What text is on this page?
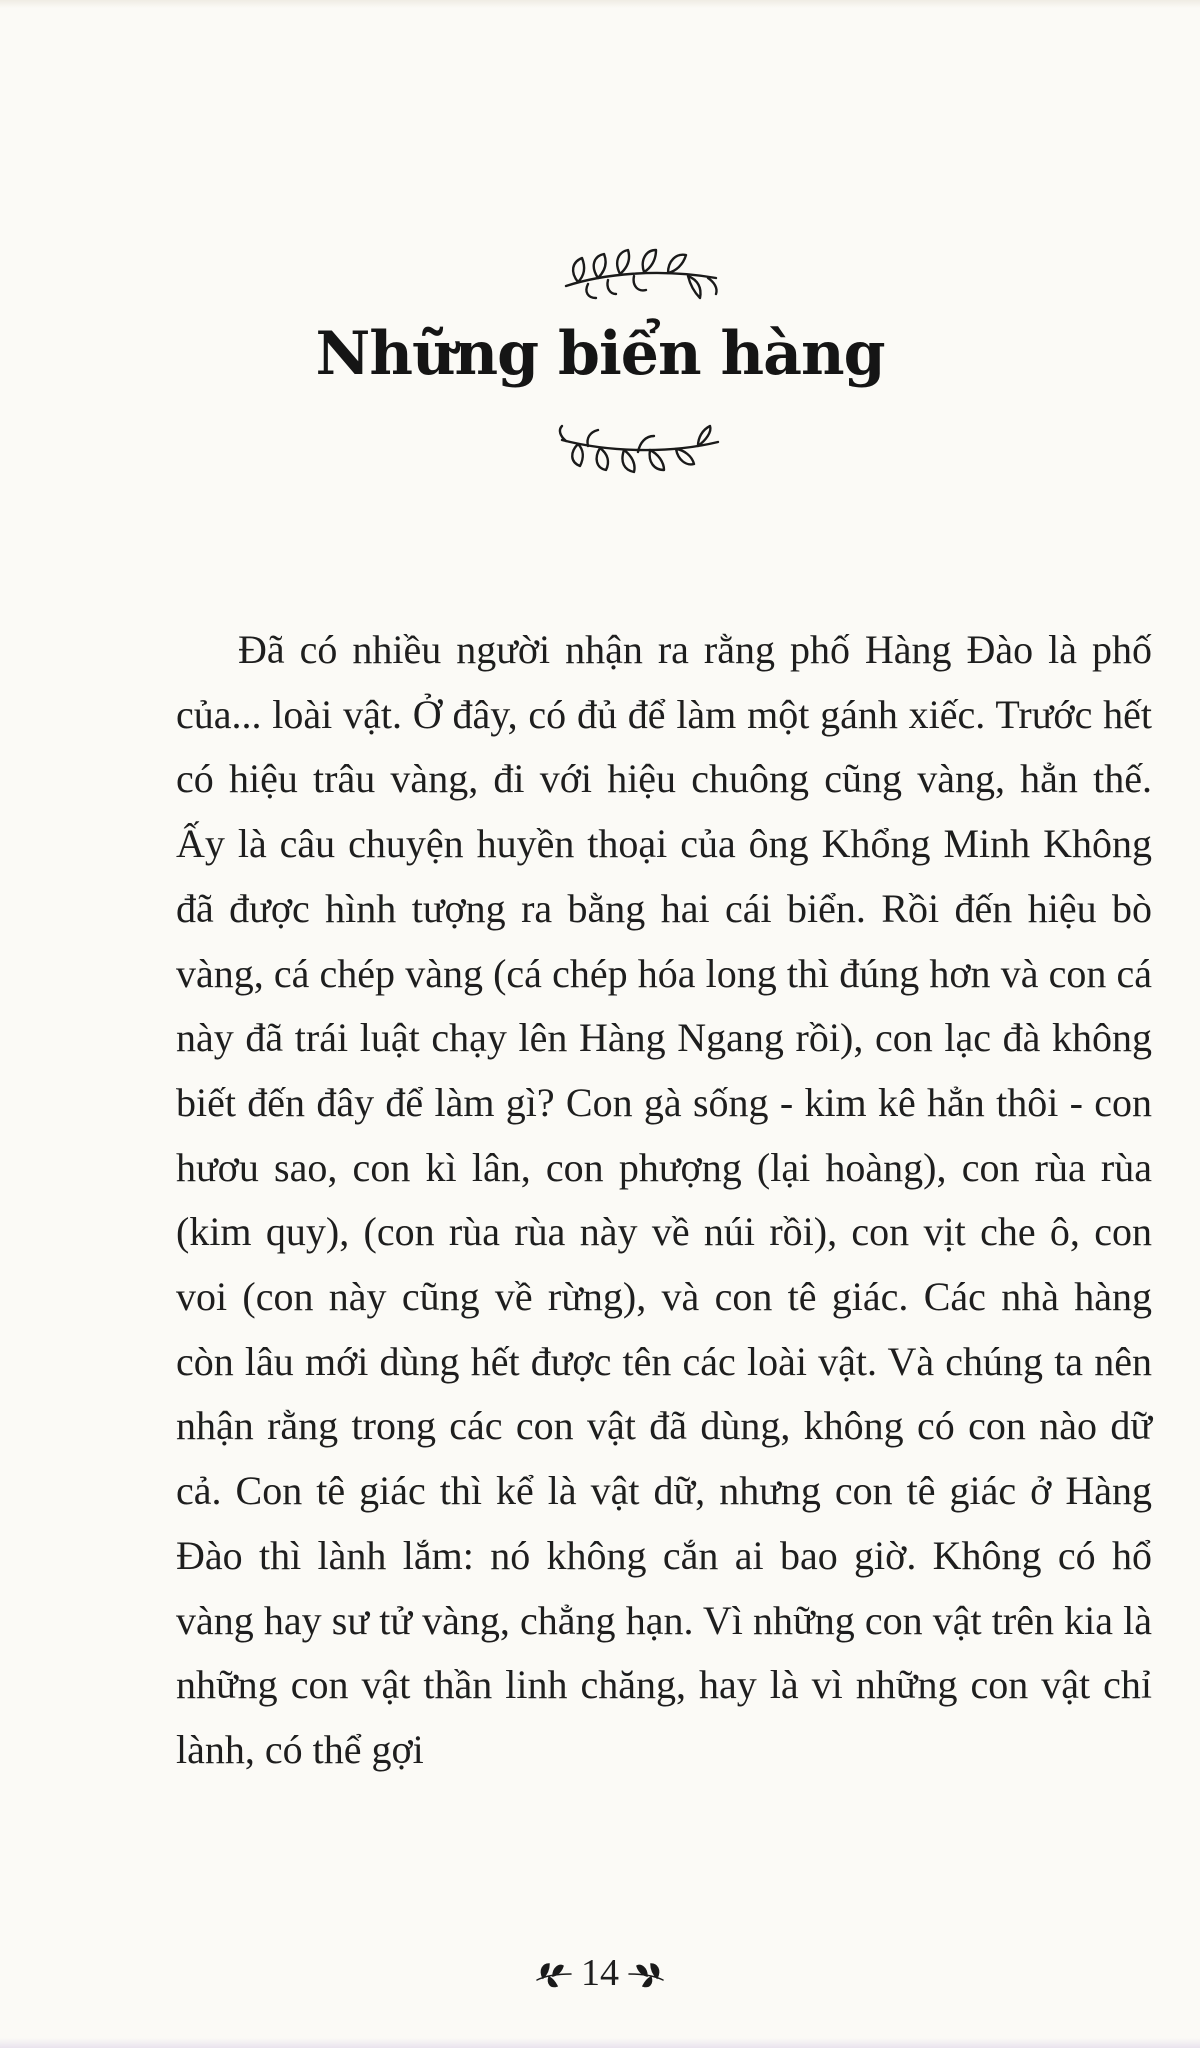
Những biển hàng

Đã có nhiều người nhận ra rằng phố Hàng Đào là phố của... loài vật. Ở đây, có đủ để làm một gánh xiếc. Trước hết có hiệu trâu vàng, đi với hiệu chuông cũng vàng, hẳn thế. Ấy là câu chuyện huyền thoại của ông Khổng Minh Không đã được hình tượng ra bằng hai cái biển. Rồi đến hiệu bò vàng, cá chép vàng (cá chép hóa long thì đúng hơn và con cá này đã trái luật chạy lên Hàng Ngang rồi), con lạc đà không biết đến đây để làm gì? Con gà sống - kim kê hẳn thôi - con hươu sao, con kì lân, con phượng (lại hoàng), con rùa rùa (kim quy), (con rùa rùa này về núi rồi), con vịt che ô, con voi (con này cũng về rừng), và con tê giác. Các nhà hàng còn lâu mới dùng hết được tên các loài vật. Và chúng ta nên nhận rằng trong các con vật đã dùng, không có con nào dữ cả. Con tê giác thì kể là vật dữ, nhưng con tê giác ở Hàng Đào thì lành lắm: nó không cắn ai bao giờ. Không có hổ vàng hay sư tử vàng, chẳng hạn. Vì những con vật trên kia là những con vật thần linh chăng, hay là vì những con vật chỉ lành, có thể gợi

14
